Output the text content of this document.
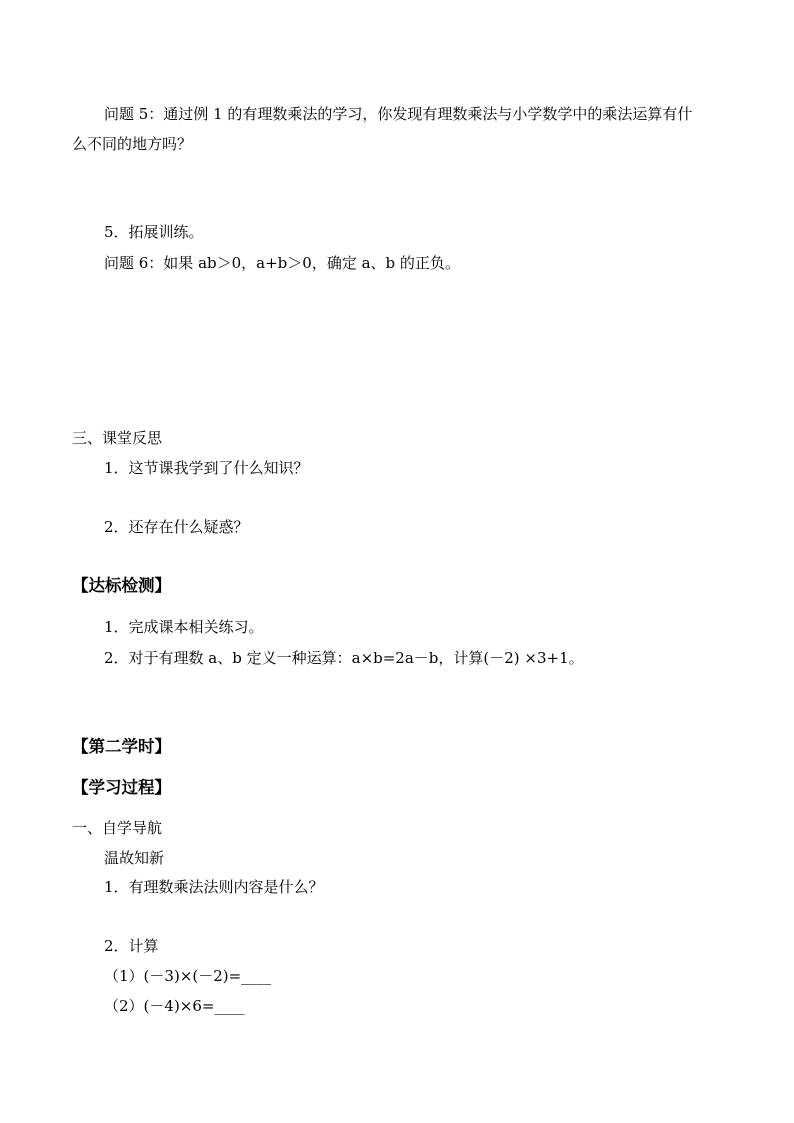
问题 5：通过例 1 的有理数乘法的学习，你发现有理数乘法与小学数学中的乘法运算有什
么不同的地方吗？
5．拓展训练。
问题 6：如果 ab＞0，a+b＞0，确定 a、b 的正负。
三、课堂反思
1．这节课我学到了什么知识？
2．还存在什么疑惑？
【达标检测】
1．完成课本相关练习。
2．对于有理数 a、b 定义一种运算：a×b=2a－b，计算(－2) ×3+1。
【第二学时】
【学习过程】
一、自学导航
温故知新
1．有理数乘法法则内容是什么？
2．计算
（1）(－3)×(－2)=____
（2）(－4)×6=____
